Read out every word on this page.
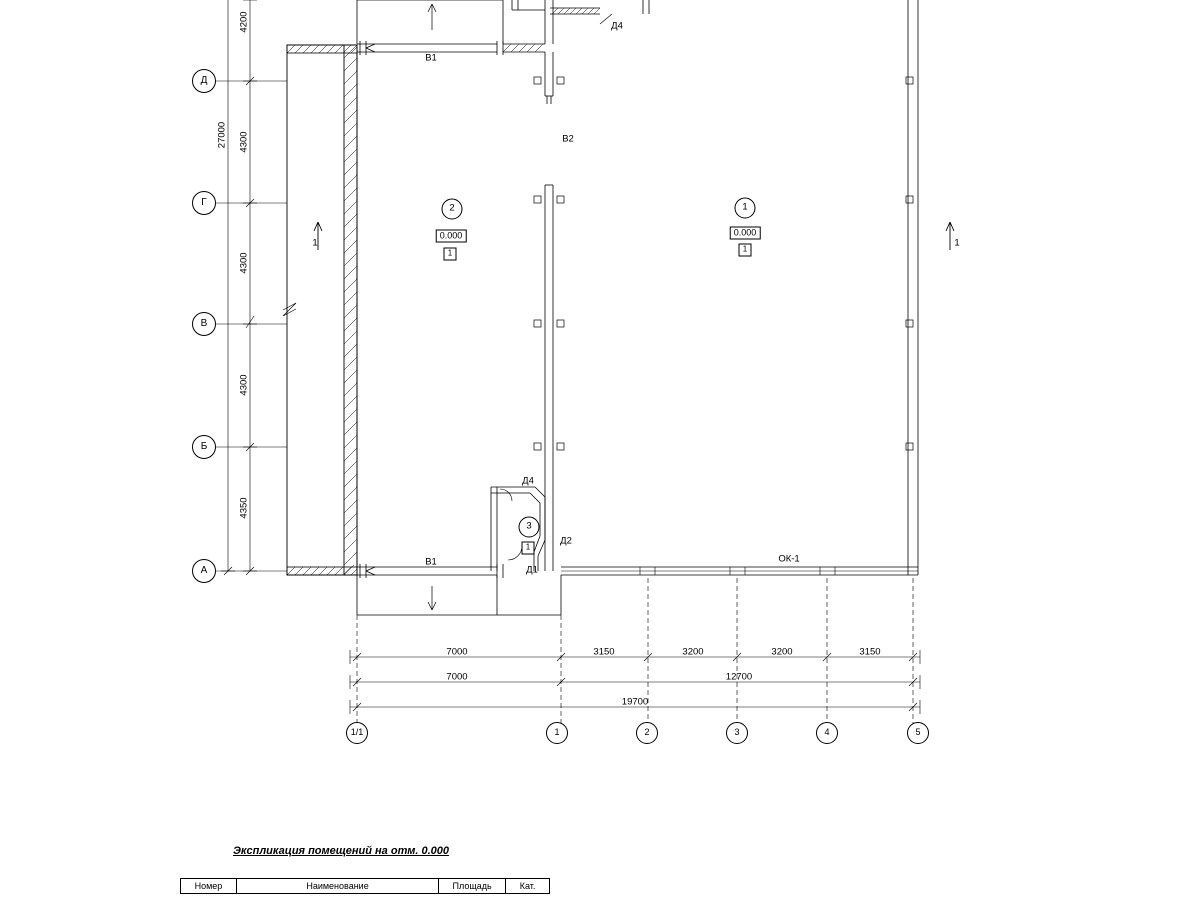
Д
Г
В
Б
А
1/1	1	2	3	4	5
4200
4300
4300
4300
4350
27000
7000	3150	3200	3200	3150
7000	12700
19700
2	1
3
0.000	0.000
1	1
1
В1
В2
В1
Д4
Д4
Д2
Д1
ОК-1
1	1
Экспликация помещений на отм. 0.000
Номер	Наименование	Площадь	Кат.
